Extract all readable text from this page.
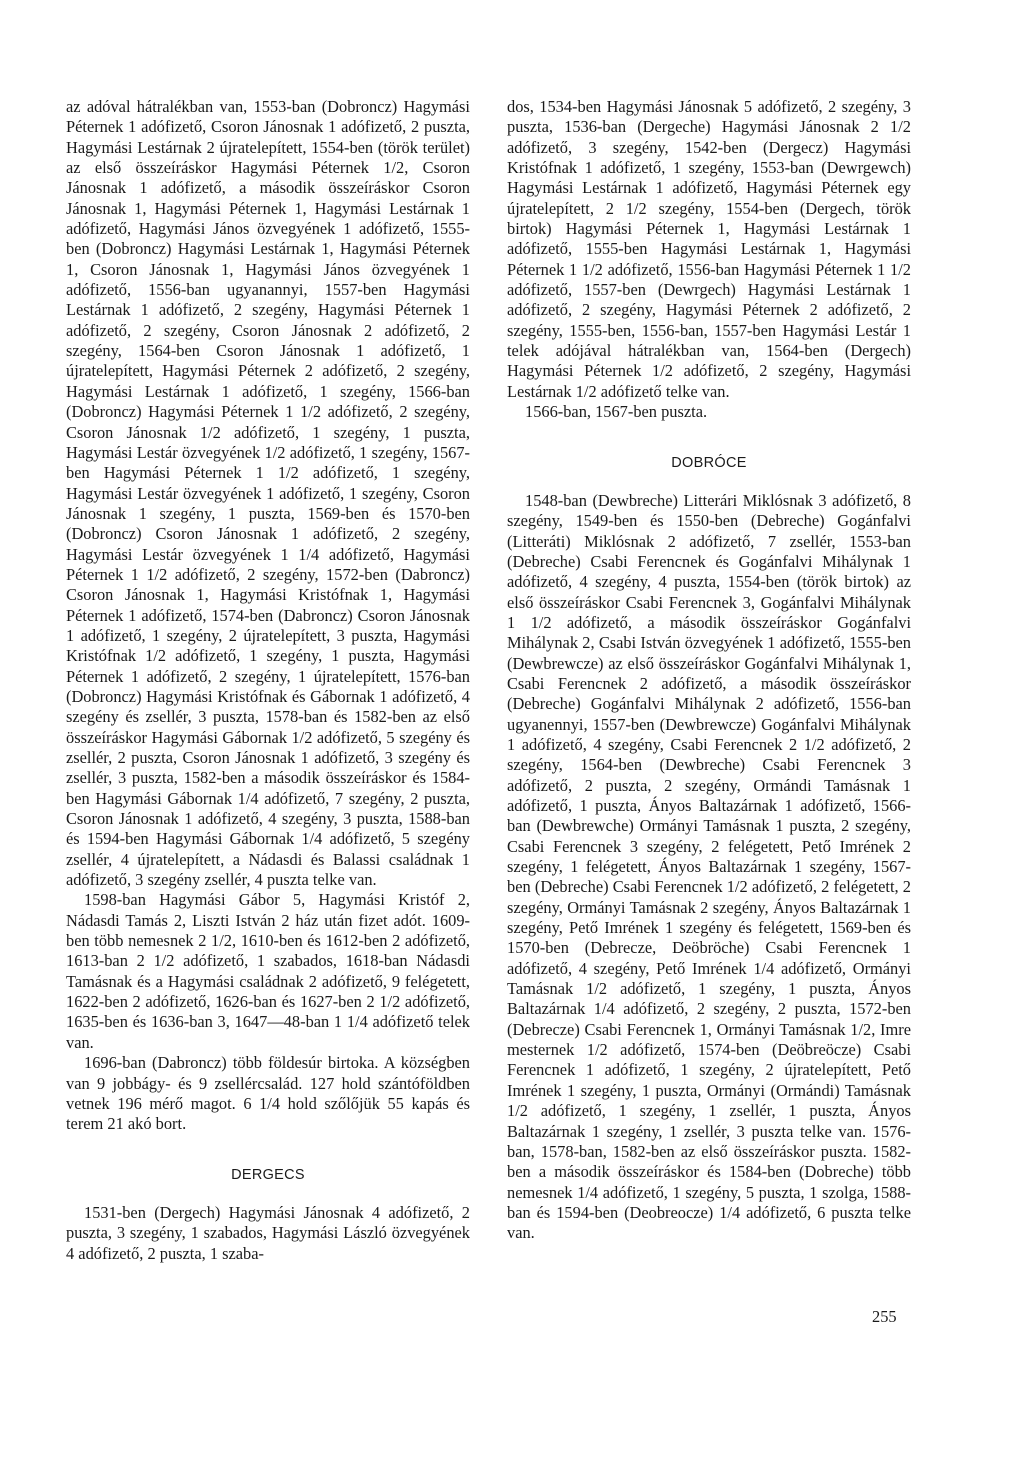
az adóval hátralékban van, 1553-ban (Dobroncz) Hagymási Péternek 1 adófizető, Csoron Jánosnak 1 adófizető, 2 puszta, Hagymási Lestárnak 2 újratelepített, 1554-ben (török terület) az első összeíráskor Hagymási Péternek 1/2, Csoron Jánosnak 1 adófizető, a második összeíráskor Csoron Jánosnak 1, Hagymási Péternek 1, Hagymási Lestárnak 1 adófizető, Hagymási János özvegyének 1 adófizető, 1555-ben (Dobroncz) Hagymási Lestárnak 1, Hagymási Péternek 1, Csoron Jánosnak 1, Hagymási János özvegyének 1 adófizető, 1556-ban ugyanannyi, 1557-ben Hagymási Lestárnak 1 adófizető, 2 szegény, Hagymási Péternek 1 adófizető, 2 szegény, Csoron Jánosnak 2 adófizető, 2 szegény, 1564-ben Csoron Jánosnak 1 adófizető, 1 újratelepített, Hagymási Péternek 2 adófizető, 2 szegény, Hagymási Lestárnak 1 adófizető, 1 szegény, 1566-ban (Dobroncz) Hagymási Péternek 1 1/2 adófizető, 2 szegény, Csoron Jánosnak 1/2 adófizető, 1 szegény, 1 puszta, Hagymási Lestár özvegyének 1/2 adófizető, 1 szegény, 1567-ben Hagymási Péternek 1 1/2 adófizető, 1 szegény, Hagymási Lestár özvegyének 1 adófizető, 1 szegény, Csoron Jánosnak 1 szegény, 1 puszta, 1569-ben és 1570-ben (Dobroncz) Csoron Jánosnak 1 adófizető, 2 szegény, Hagymási Lestár özvegyének 1 1/4 adófizető, Hagymási Péternek 1 1/2 adófizető, 2 szegény, 1572-ben (Dabroncz) Csoron Jánosnak 1, Hagymási Kristófnak 1, Hagymási Péternek 1 adófizető, 1574-ben (Dabroncz) Csoron Jánosnak 1 adófizető, 1 szegény, 2 újratelepített, 3 puszta, Hagymási Kristófnak 1/2 adófizető, 1 szegény, 1 puszta, Hagymási Péternek 1 adófizető, 2 szegény, 1 újratelepített, 1576-ban (Dobroncz) Hagymási Kristófnak és Gábornak 1 adófizető, 4 szegény és zsellér, 3 puszta, 1578-ban és 1582-ben az első összeíráskor Hagymási Gábornak 1/2 adófizető, 5 szegény és zsellér, 2 puszta, Csoron Jánosnak 1 adófizető, 3 szegény és zsellér, 3 puszta, 1582-ben a második összeíráskor és 1584-ben Hagymási Gábornak 1/4 adófizető, 7 szegény, 2 puszta, Csoron Jánosnak 1 adófizető, 4 szegény, 3 puszta, 1588-ban és 1594-ben Hagymási Gábornak 1/4 adófizető, 5 szegény zsellér, 4 újratelepített, a Nádasdi és Balassi családnak 1 adófizető, 3 szegény zsellér, 4 puszta telke van.

1598-ban Hagymási Gábor 5, Hagymási Kristóf 2, Nádasdi Tamás 2, Liszti István 2 ház után fizet adót. 1609-ben több nemesnek 2 1/2, 1610-ben és 1612-ben 2 adófizető, 1613-ban 2 1/2 adófizető, 1 szabados, 1618-ban Nádasdi Tamásnak és a Hagymási családnak 2 adófizető, 9 felégetett, 1622-ben 2 adófizető, 1626-ban és 1627-ben 2 1/2 adófizető, 1635-ben és 1636-ban 3, 1647—48-ban 1 1/4 adófizető telek van.

1696-ban (Dabroncz) több földesúr birtoka. A községben van 9 jobbágy- és 9 zsellércsalád. 127 hold szántóföldben vetnek 196 mérő magot. 6 1/4 hold szőlőjük 55 kapás és terem 21 akó bort.

DERGECS

1531-ben (Dergech) Hagymási Jánosnak 4 adófizető, 2 puszta, 3 szegény, 1 szabados, Hagymási László özvegyének 4 adófizető, 2 puszta, 1 szaba-

dos, 1534-ben Hagymási Jánosnak 5 adófizető, 2 szegény, 3 puszta, 1536-ban (Dergeche) Hagymási Jánosnak 2 1/2 adófizető, 3 szegény, 1542-ben (Dergecz) Hagymási Kristófnak 1 adófizető, 1 szegény, 1553-ban (Dewrgewch) Hagymási Lestárnak 1 adófizető, Hagymási Péternek egy újratelepített, 2 1/2 szegény, 1554-ben (Dergech, török birtok) Hagymási Péternek 1, Hagymási Lestárnak 1 adófizető, 1555-ben Hagymási Lestárnak 1, Hagymási Péternek 1 1/2 adófizető, 1556-ban Hagymási Péternek 1 1/2 adófizető, 1557-ben (Dewrgech) Hagymási Lestárnak 1 adófizető, 2 szegény, Hagymási Péternek 2 adófizető, 2 szegény, 1555-ben, 1556-ban, 1557-ben Hagymási Lestár 1 telek adójával hátralékban van, 1564-ben (Dergech) Hagymási Péternek 1/2 adófizető, 2 szegény, Hagymási Lestárnak 1/2 adófizető telke van.

1566-ban, 1567-ben puszta.

DOBRÓCE

1548-ban (Dewbreche) Litterári Miklósnak 3 adófizető, 8 szegény, 1549-ben és 1550-ben (Debreche) Gogánfalvi (Litteráti) Miklósnak 2 adófizető, 7 zsellér, 1553-ban (Debreche) Csabi Ferencnek és Gogánfalvi Mihálynak 1 adófizető, 4 szegény, 4 puszta, 1554-ben (török birtok) az első összeíráskor Csabi Ferencnek 3, Gogánfalvi Mihálynak 1 1/2 adófizető, a második összeíráskor Gogánfalvi Mihálynak 2, Csabi István özvegyének 1 adófizető, 1555-ben (Dewbrewcze) az első összeíráskor Gogánfalvi Mihálynak 1, Csabi Ferencnek 2 adófizető, a második összeíráskor (Debreche) Gogánfalvi Mihálynak 2 adófizető, 1556-ban ugyanennyi, 1557-ben (Dewbrewcze) Gogánfalvi Mihálynak 1 adófizető, 4 szegény, Csabi Ferencnek 2 1/2 adófizető, 2 szegény, 1564-ben (Dewbreche) Csabi Ferencnek 3 adófizető, 2 puszta, 2 szegény, Ormándi Tamásnak 1 adófizető, 1 puszta, Ányos Baltazárnak 1 adófizető, 1566-ban (Dewbrewche) Ormányi Tamásnak 1 puszta, 2 szegény, Csabi Ferencnek 3 szegény, 2 felégetett, Pető Imrének 2 szegény, 1 felégetett, Ányos Baltazárnak 1 szegény, 1567-ben (Debreche) Csabi Ferencnek 1/2 adófizető, 2 felégetett, 2 szegény, Ormányi Tamásnak 2 szegény, Ányos Baltazárnak 1 szegény, Pető Imrének 1 szegény és felégetett, 1569-ben és 1570-ben (Debrecze, Deöbröche) Csabi Ferencnek 1 adófizető, 4 szegény, Pető Imrének 1/4 adófizető, Ormányi Tamásnak 1/2 adófizető, 1 szegény, 1 puszta, Ányos Baltazárnak 1/4 adófizető, 2 szegény, 2 puszta, 1572-ben (Debrecze) Csabi Ferencnek 1, Ormányi Tamásnak 1/2, Imre mesternek 1/2 adófizető, 1574-ben (Deöbreöcze) Csabi Ferencnek 1 adófizető, 1 szegény, 2 újratelepített, Pető Imrének 1 szegény, 1 puszta, Ormányi (Ormándi) Tamásnak 1/2 adófizető, 1 szegény, 1 zsellér, 1 puszta, Ányos Baltazárnak 1 szegény, 1 zsellér, 3 puszta telke van. 1576-ban, 1578-ban, 1582-ben az első összeíráskor puszta. 1582-ben a második összeíráskor és 1584-ben (Dobreche) több nemesnek 1/4 adófizető, 1 szegény, 5 puszta, 1 szolga, 1588-ban és 1594-ben (Deobreocze) 1/4 adófizető, 6 puszta telke van.

255
